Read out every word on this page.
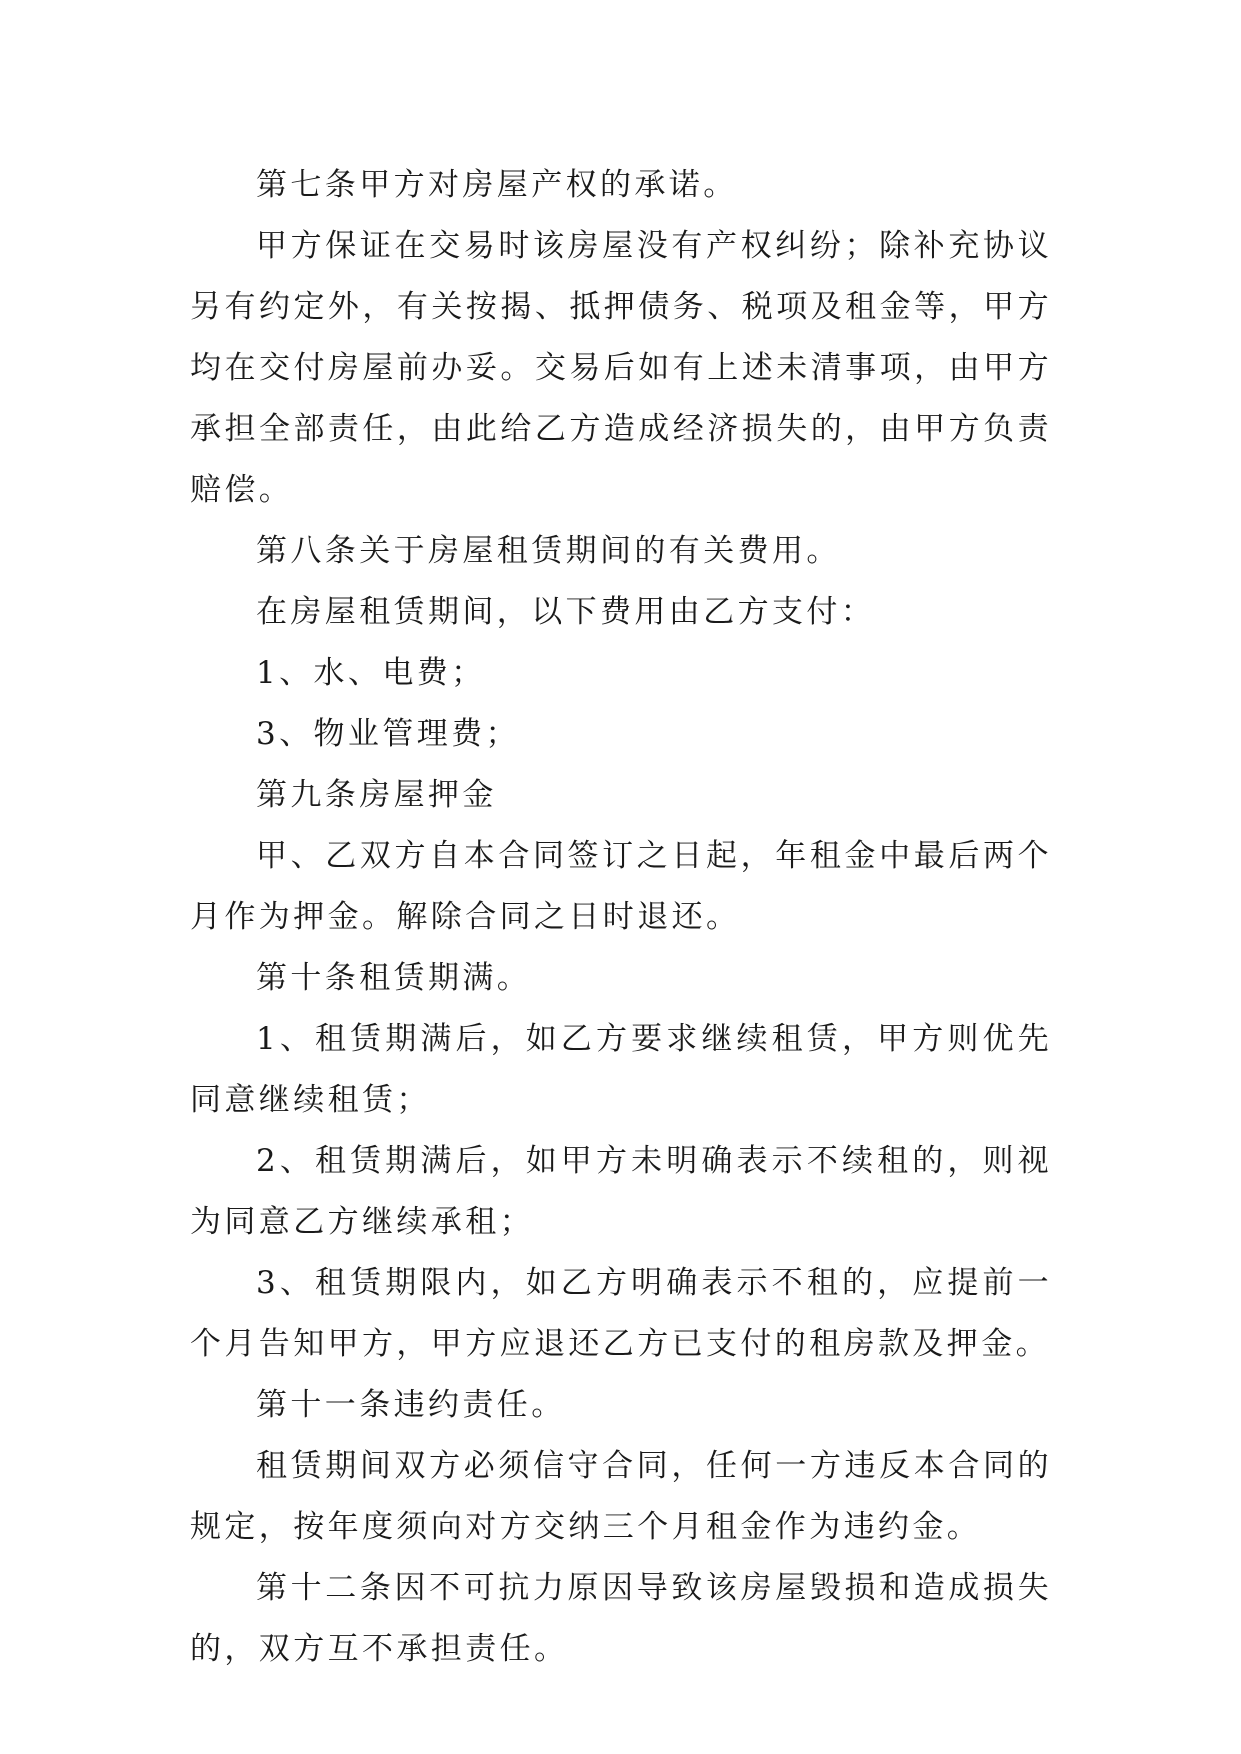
第七条甲方对房屋产权的承诺。

甲方保证在交易时该房屋没有产权纠纷；除补充协议另有约定外，有关按揭、抵押债务、税项及租金等，甲方均在交付房屋前办妥。交易后如有上述未清事项，由甲方承担全部责任，由此给乙方造成经济损失的，由甲方负责赔偿。

第八条关于房屋租赁期间的有关费用。

在房屋租赁期间，以下费用由乙方支付：

1、水、电费；

3、物业管理费；

第九条房屋押金

甲、乙双方自本合同签订之日起，年租金中最后两个月作为押金。解除合同之日时退还。

第十条租赁期满。

1、租赁期满后，如乙方要求继续租赁，甲方则优先同意继续租赁；

2、租赁期满后，如甲方未明确表示不续租的，则视为同意乙方继续承租；

3、租赁期限内，如乙方明确表示不租的，应提前一个月告知甲方，甲方应退还乙方已支付的租房款及押金。

第十一条违约责任。

租赁期间双方必须信守合同，任何一方违反本合同的规定，按年度须向对方交纳三个月租金作为违约金。

第十二条因不可抗力原因导致该房屋毁损和造成损失的，双方互不承担责任。
